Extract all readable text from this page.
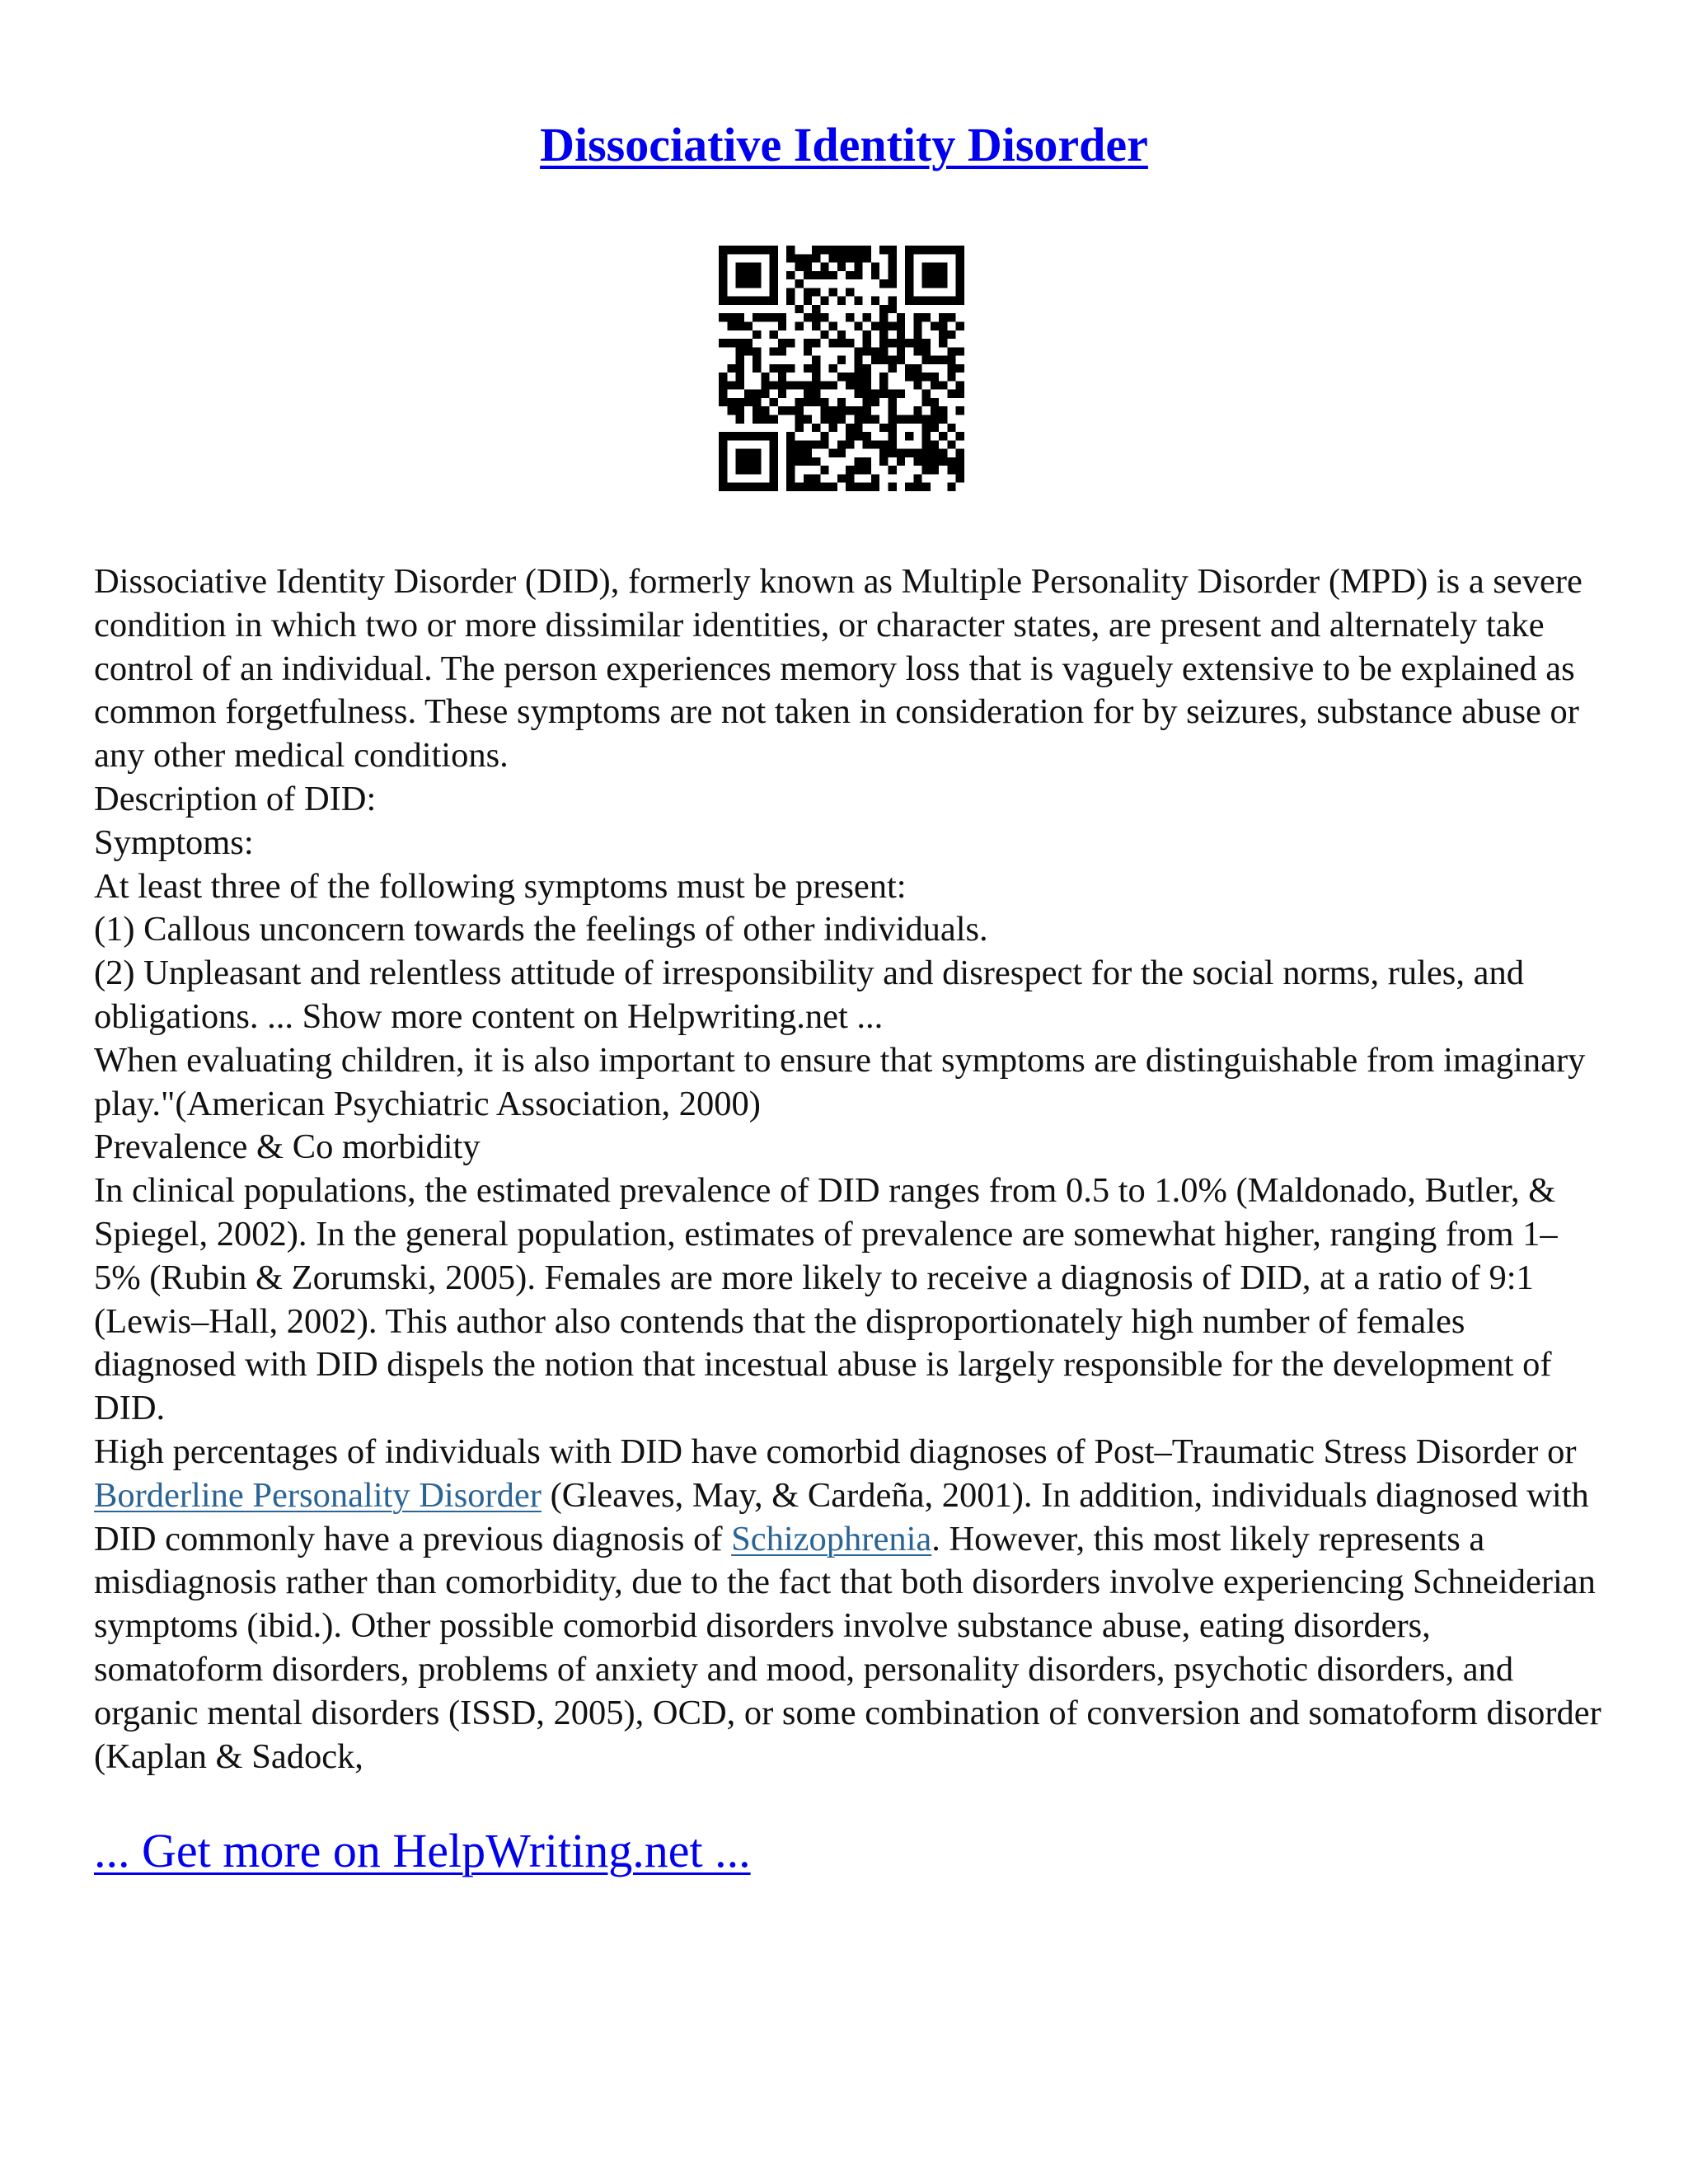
Dissociative Identity Disorder

Dissociative Identity Disorder (DID), formerly known as Multiple Personality Disorder (MPD) is a severe condition in which two or more dissimilar identities, or character states, are present and alternately take control of an individual. The person experiences memory loss that is vaguely extensive to be explained as common forgetfulness. These symptoms are not taken in consideration for by seizures, substance abuse or any other medical conditions.

Description of DID:

Symptoms:

At least three of the following symptoms must be present:

(1) Callous unconcern towards the feelings of other individuals.

(2) Unpleasant and relentless attitude of irresponsibility and disrespect for the social norms, rules, and obligations. ... Show more content on Helpwriting.net ...

When evaluating children, it is also important to ensure that symptoms are distinguishable from imaginary play."(American Psychiatric Association, 2000)

Prevalence & Co morbidity

In clinical populations, the estimated prevalence of DID ranges from 0.5 to 1.0% (Maldonado, Butler, & Spiegel, 2002). In the general population, estimates of prevalence are somewhat higher, ranging from 1–5% (Rubin & Zorumski, 2005). Females are more likely to receive a diagnosis of DID, at a ratio of 9:1 (Lewis–Hall, 2002). This author also contends that the disproportionately high number of females diagnosed with DID dispels the notion that incestual abuse is largely responsible for the development of DID.

High percentages of individuals with DID have comorbid diagnoses of Post–Traumatic Stress Disorder or Borderline Personality Disorder (Gleaves, May, & Cardeña, 2001). In addition, individuals diagnosed with DID commonly have a previous diagnosis of Schizophrenia. However, this most likely represents a misdiagnosis rather than comorbidity, due to the fact that both disorders involve experiencing Schneiderian symptoms (ibid.). Other possible comorbid disorders involve substance abuse, eating disorders, somatoform disorders, problems of anxiety and mood, personality disorders, psychotic disorders, and organic mental disorders (ISSD, 2005), OCD, or some combination of conversion and somatoform disorder (Kaplan & Sadock,

... Get more on HelpWriting.net ...
